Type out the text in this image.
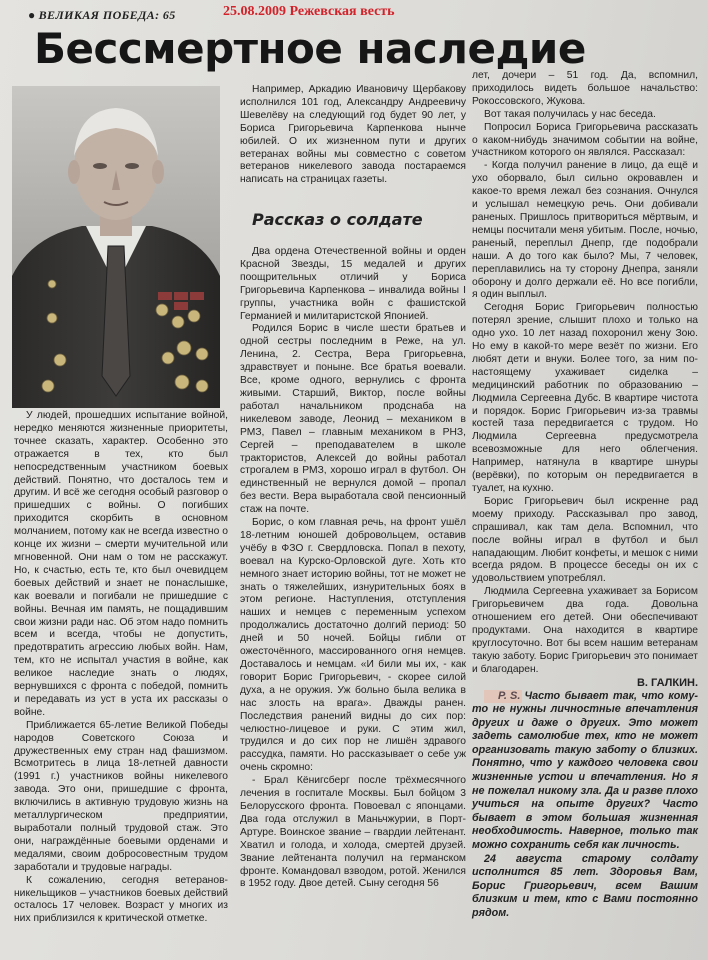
● ВЕЛИКАЯ ПОБЕДА: 65	25.08.2009 Режевская весть
Бессмертное наследие

У людей, прошедших испытание войной, нередко меняются жизненные приоритеты, точнее сказать, характер. Особенно это отражается в тех, кто был непосредственным участником боевых действий. Понятно, что досталось тем и другим. И всё же сегодня особый разговор о пришедших с войны. О погибших приходится скорбить в основном молчанием, потому как не всегда известно о конце их жизни – смерти мучительной или мгновенной. Они нам о том не расскажут. Но, к счастью, есть те, кто был очевидцем боевых действий и знает не понаслышке, как воевали и погибали не пришедшие с войны. Вечная им память, не пощадившим свои жизни ради нас. Об этом надо помнить всем и всегда, чтобы не допустить, предотвратить агрессию любых войн. Нам, тем, кто не испытал участия в войне, как великое наследие знать о людях, вернувшихся с фронта с победой, помнить и передавать из уст в уста их рассказы о войне.

Приближается 65-летие Великой Победы народов Советского Союза и дружественных ему стран над фашизмом. Всмотритесь в лица 18-летней давности (1991 г.) участников войны никелевого завода. Это они, пришедшие с фронта, включились в активную трудовую жизнь на металлургическом предприятии, выработали полный трудовой стаж. Это они, награждённые боевыми орденами и медалями, своим добросовестным трудом заработали и трудовые награды.

К сожалению, сегодня ветеранов-никельщиков – участников боевых действий осталось 17 человек. Возраст у многих из них приблизился к критической отметке.

Например, Аркадию Ивановичу Щербакову исполнился 101 год, Александру Андреевичу Шевелёву на следующий год будет 90 лет, у Бориса Григорьевича Карпенкова нынче юбилей. О их жизненном пути и других ветеранах войны мы совместно с советом ветеранов никелевого завода постараемся написать на страницах газеты.

Рассказ о солдате

Два ордена Отечественной войны и орден Красной Звезды, 15 медалей и других поощрительных отличий у Бориса Григорьевича Карпенкова – инвалида войны I группы, участника войн с фашистской Германией и милитаристской Японией.

Родился Борис в числе шести братьев и одной сестры последним в Реже, на ул. Ленина, 2. Сестра, Вера Григорьевна, здравствует и поныне. Все братья воевали. Все, кроме одного, вернулись с фронта живыми. Старший, Виктор, после войны работал начальником продснаба на никелевом заводе, Леонид – механиком в РМЗ, Павел – главным механиком в РНЗ, Сергей – преподавателем в школе трактористов, Алексей до войны работал строгалем в РМЗ, хорошо играл в футбол. Он единственный не вернулся домой – пропал без вести. Вера выработала свой пенсионный стаж на почте.

Борис, о ком главная речь, на фронт ушёл 18-летним юношей добровольцем, оставив учёбу в ФЗО г. Свердловска. Попал в пехоту, воевал на Курско-Орловской дуге. Хоть кто немного знает историю войны, тот не может не знать о тяжелейших, изнурительных боях в этом регионе. Наступления, отступления наших и немцев с переменным успехом продолжались достаточно долгий период: 50 дней и 50 ночей. Бойцы гибли от ожесточённого, массированного огня немцев. Доставалось и немцам. «И били мы их, - как говорит Борис Григорьевич, - скорее силой духа, а не оружия. Уж больно была велика в нас злость на врага». Дважды ранен. Последствия ранений видны до сих пор: челюстно-лицевое и руки. С этим жил, трудился и до сих пор не лишён здравого рассудка, памяти. Но рассказывает о себе уж очень скромно:

- Брал Кёнигсберг после трёхмесячного лечения в госпитале Москвы. Был бойцом 3 Белорусского фронта. Повоевал с японцами. Два года отслужил в Маньчжурии, в Порт-Артуре. Воинское звание – гвардии лейтенант. Хватил и голода, и холода, смертей друзей. Звание лейтенанта получил на германском фронте. Командовал взводом, ротой. Женился в 1952 году. Двое детей. Сыну сегодня 56

лет, дочери – 51 год. Да, вспомнил, приходилось видеть большое начальство: Рокоссовского, Жукова.

Вот такая получилась у нас беседа.

Попросил Бориса Григорьевича рассказать о каком-нибудь значимом событии на войне, участником которого он являлся. Рассказал:

- Когда получил ранение в лицо, да ещё и ухо оборвало, был сильно окровавлен и какое-то время лежал без сознания. Очнулся и услышал немецкую речь. Они добивали раненых. Пришлось притвориться мёртвым, и немцы посчитали меня убитым. После, ночью, раненый, переплыл Днепр, где подобрали наши. А до того как было? Мы, 7 человек, переплавились на ту сторону Днепра, заняли оборону и долго держали её. Но все погибли, я один выплыл.

Сегодня Борис Григорьевич полностью потерял зрение, слышит плохо и только на одно ухо. 10 лет назад похоронил жену Зою. Но ему в какой-то мере везёт по жизни. Его любят дети и внуки. Более того, за ним по-настоящему ухаживает сиделка – медицинский работник по образованию – Людмила Сергеевна Дубс. В квартире чистота и порядок. Борис Григорьевич из-за травмы костей таза передвигается с трудом. Но Людмила Сергеевна предусмотрела всевозможные для него облегчения. Например, натянула в квартире шнуры (верёвки), по которым он передвигается в туалет, на кухню.

Борис Григорьевич был искренне рад моему приходу. Рассказывал про завод, спрашивал, как там дела. Вспомнил, что после войны играл в футбол и был нападающим. Любит конфеты, и мешок с ними всегда рядом. В процессе беседы он их с удовольствием употреблял.

Людмила Сергеевна ухаживает за Борисом Григорьевичем два года. Довольна отношением его детей. Они обеспечивают продуктами. Она находится в квартире круглосуточно. Вот бы всем нашим ветеранам такую заботу. Борис Григорьевич это понимает и благодарен.

В. ГАЛКИН.

P. S. Часто бывает так, что кому-то не нужны личностные впечатления других и даже о других. Это может задеть самолюбие тех, кто не может организовать такую заботу о близких. Понятно, что у каждого человека свои жизненные устои и впечатления. Но я не пожелал никому зла. Да и разве плохо учиться на опыте других? Часто бывает в этом большая жизненная необходимость. Наверное, только так можно сохранить себя как личность.

24 августа старому солдату исполнится 85 лет. Здоровья Вам, Борис Григорьевич, всем Вашим близким и тем, кто с Вами постоянно рядом.
